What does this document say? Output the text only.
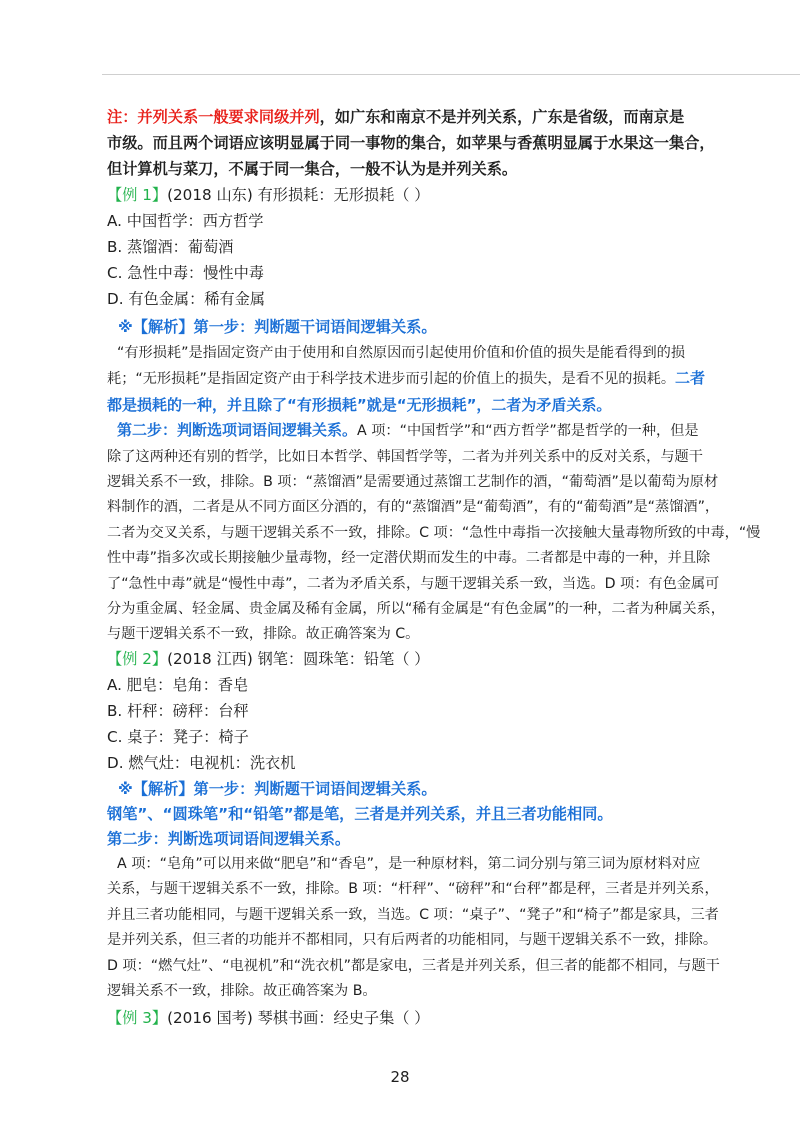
注：并列关系一般要求同级并列，如广东和南京不是并列关系，广东是省级，而南京是
市级。而且两个词语应该明显属于同一事物的集合，如苹果与香蕉明显属于水果这一集合，
但计算机与菜刀，不属于同一集合，一般不认为是并列关系。
【例 1】(2018 山东) 有形损耗：无形损耗（ ）
A. 中国哲学：西方哲学
B. 蒸馏酒：葡萄酒
C. 急性中毒：慢性中毒
D. 有色金属：稀有金属
※【解析】第一步：判断题干词语间逻辑关系。
“有形损耗”是指固定资产由于使用和自然原因而引起使用价值和价值的损失是能看得到的损
耗；“无形损耗”是指固定资产由于科学技术进步而引起的价值上的损失，是看不见的损耗。二者
都是损耗的一种，并且除了“有形损耗”就是“无形损耗”，二者为矛盾关系。
第二步：判断选项词语间逻辑关系。A 项：“中国哲学”和“西方哲学”都是哲学的一种，但是
除了这两种还有别的哲学，比如日本哲学、韩国哲学等，二者为并列关系中的反对关系，与题干
逻辑关系不一致，排除。B 项：“蒸馏酒”是需要通过蒸馏工艺制作的酒，“葡萄酒”是以葡萄为原材
料制作的酒，二者是从不同方面区分酒的，有的“蒸馏酒”是“葡萄酒”，有的“葡萄酒”是“蒸馏酒”，
二者为交叉关系，与题干逻辑关系不一致，排除。C 项：“急性中毒指一次接触大量毒物所致的中毒，“慢
性中毒”指多次或长期接触少量毒物，经一定潜伏期而发生的中毒。二者都是中毒的一种，并且除
了“急性中毒”就是“慢性中毒”，二者为矛盾关系，与题干逻辑关系一致，当选。D 项：有色金属可
分为重金属、轻金属、贵金属及稀有金属，所以“稀有金属是“有色金属”的一种，二者为种属关系，
与题干逻辑关系不一致，排除。故正确答案为 C。
【例 2】(2018 江西) 钢笔：圆珠笔：铅笔（ ）
A. 肥皂：皂角：香皂
B. 杆秤：磅秤：台秤
C. 桌子：凳子：椅子
D. 燃气灶：电视机：洗衣机
※【解析】第一步：判断题干词语间逻辑关系。
钢笔”、“圆珠笔”和“铅笔”都是笔，三者是并列关系，并且三者功能相同。
第二步：判断选项词语间逻辑关系。
A 项：“皂角”可以用来做“肥皂”和“香皂”，是一种原材料，第二词分别与第三词为原材料对应
关系，与题干逻辑关系不一致，排除。B 项：“杆秤”、“磅秤”和“台秤”都是秤，三者是并列关系，
并且三者功能相同，与题干逻辑关系一致，当选。C 项：“桌子”、“凳子”和“椅子”都是家具，三者
是并列关系，但三者的功能并不都相同，只有后两者的功能相同，与题干逻辑关系不一致，排除。
D 项：“燃气灶”、“电视机”和“洗衣机”都是家电，三者是并列关系，但三者的能都不相同，与题干
逻辑关系不一致，排除。故正确答案为 B。
【例 3】(2016 国考) 琴棋书画：经史子集（ ）
28
